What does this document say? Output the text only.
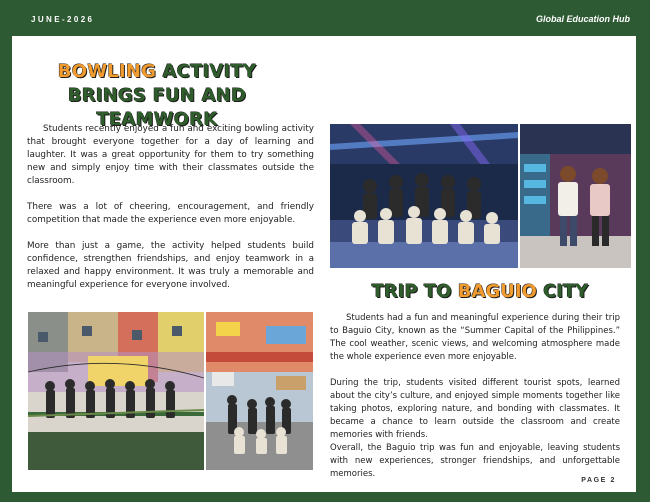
JUNE-2026	Global Education Hub
BOWLING ACTIVITY
BRINGS FUN AND TEAMWORK

Students recently enjoyed a fun and exciting bowling activity that brought everyone together for a day of learning and laughter. It was a great opportunity for them to try something new and simply enjoy time with their classmates outside the classroom.

There was a lot of cheering, encouragement, and friendly competition that made the experience even more enjoyable.

More than just a game, the activity helped students build confidence, strengthen friendships, and enjoy teamwork in a relaxed and happy environment. It was truly a memorable and meaningful experience for everyone involved.	TRIP TO BAGUIO CITY

Students had a fun and meaningful experience during their trip to Baguio City, known as the “Summer Capital of the Philippines.” The cool weather, scenic views, and welcoming atmosphere made the whole experience even more enjoyable.

During the trip, students visited different tourist spots, learned about the city’s culture, and enjoyed simple moments together like taking photos, exploring nature, and bonding with classmates. It became a chance to learn outside the classroom and create memories with friends.

Overall, the Baguio trip was fun and enjoyable, leaving students with new experiences, stronger friendships, and unforgettable memories.

PAGE 2
